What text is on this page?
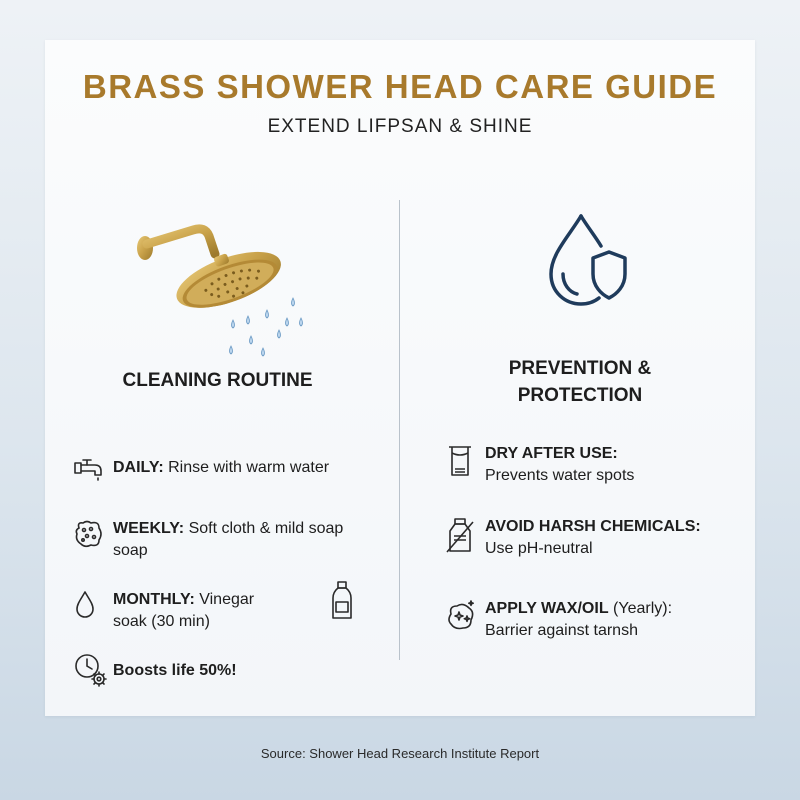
BRASS SHOWER HEAD CARE GUIDE
EXTEND LIFPSAN & SHINE
CLEANING ROUTINE
PREVENTION &
PROTECTION
DAILY: Rinse with warm water
WEEKLY: Soft cloth & mild soap
soap
MONTHLY: Vinegar
soak (30 min)
Boosts life 50%!
DRY AFTER USE:
Prevents water spots
AVOID HARSH CHEMICALS:
Use pH-neutral
APPLY WAX/OIL (Yearly):
Barrier against tarnsh
Source: Shower Head Research Institute Report
